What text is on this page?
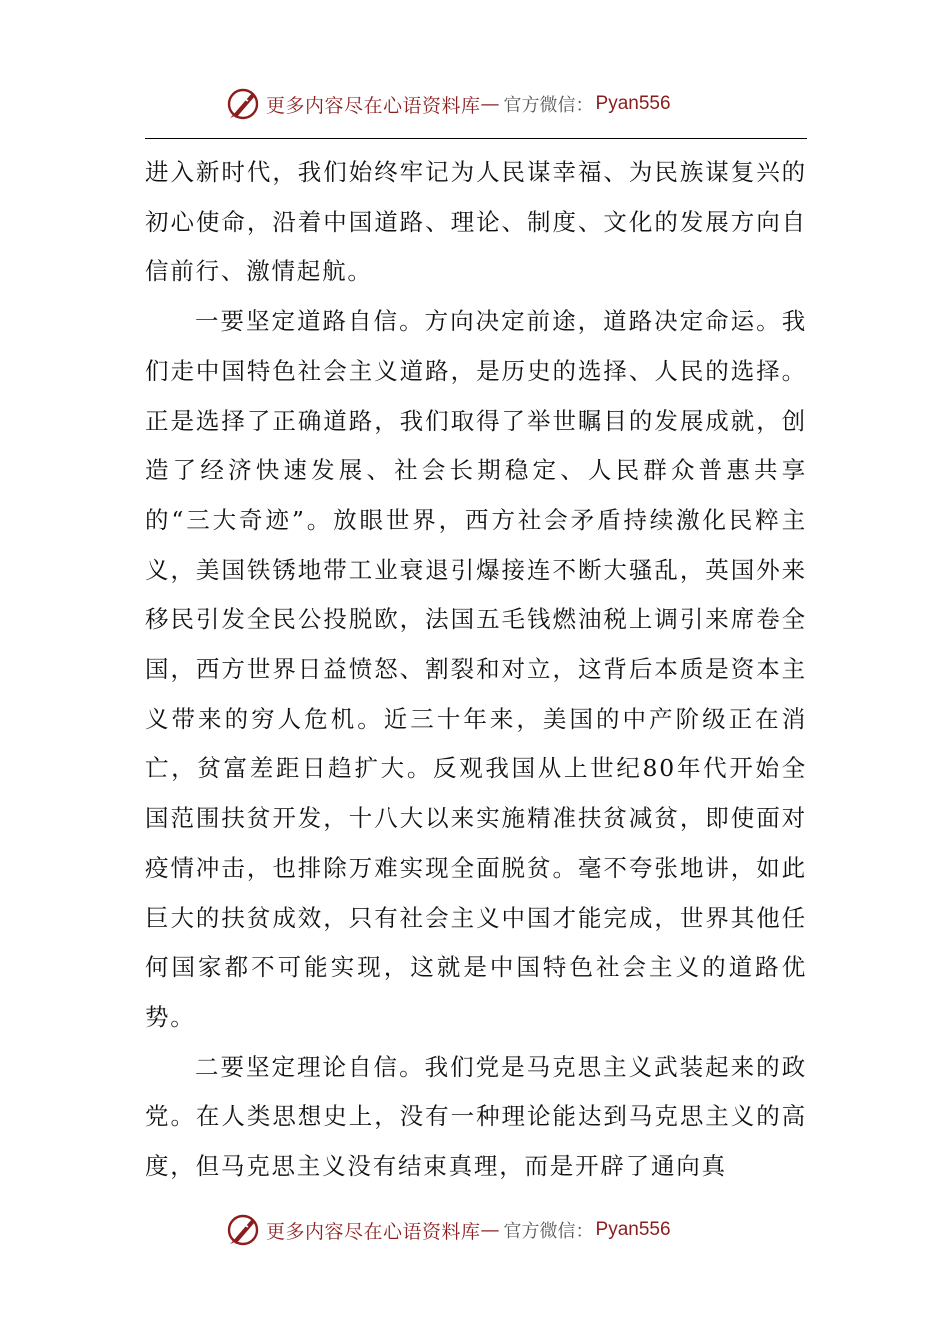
更多内容尽在心语资料库 — 官方微信： Pyan556

进入新时代，我们始终牢记为人民谋幸福、为民族谋复兴的初心使命，沿着中国道路、理论、制度、文化的发展方向自信前行、激情起航。

一要坚定道路自信。方向决定前途，道路决定命运。我们走中国特色社会主义道路，是历史的选择、人民的选择。正是选择了正确道路，我们取得了举世瞩目的发展成就，创造了经济快速发展、社会长期稳定、人民群众普惠共享的“三大奇迹”。放眼世界，西方社会矛盾持续激化民粹主义，美国铁锈地带工业衰退引爆接连不断大骚乱，英国外来移民引发全民公投脱欧，法国五毛钱燃油税上调引来席卷全国，西方世界日益愤怒、割裂和对立，这背后本质是资本主义带来的穷人危机。近三十年来，美国的中产阶级正在消亡，贫富差距日趋扩大。反观我国从上世纪80年代开始全国范围扶贫开发，十八大以来实施精准扶贫减贫，即使面对疫情冲击，也排除万难实现全面脱贫。毫不夸张地讲，如此巨大的扶贫成效，只有社会主义中国才能完成，世界其他任何国家都不可能实现，这就是中国特色社会主义的道路优势。

二要坚定理论自信。我们党是马克思主义武装起来的政党。在人类思想史上，没有一种理论能达到马克思主义的高度，但马克思主义没有结束真理，而是开辟了通向真

更多内容尽在心语资料库 — 官方微信： Pyan556
